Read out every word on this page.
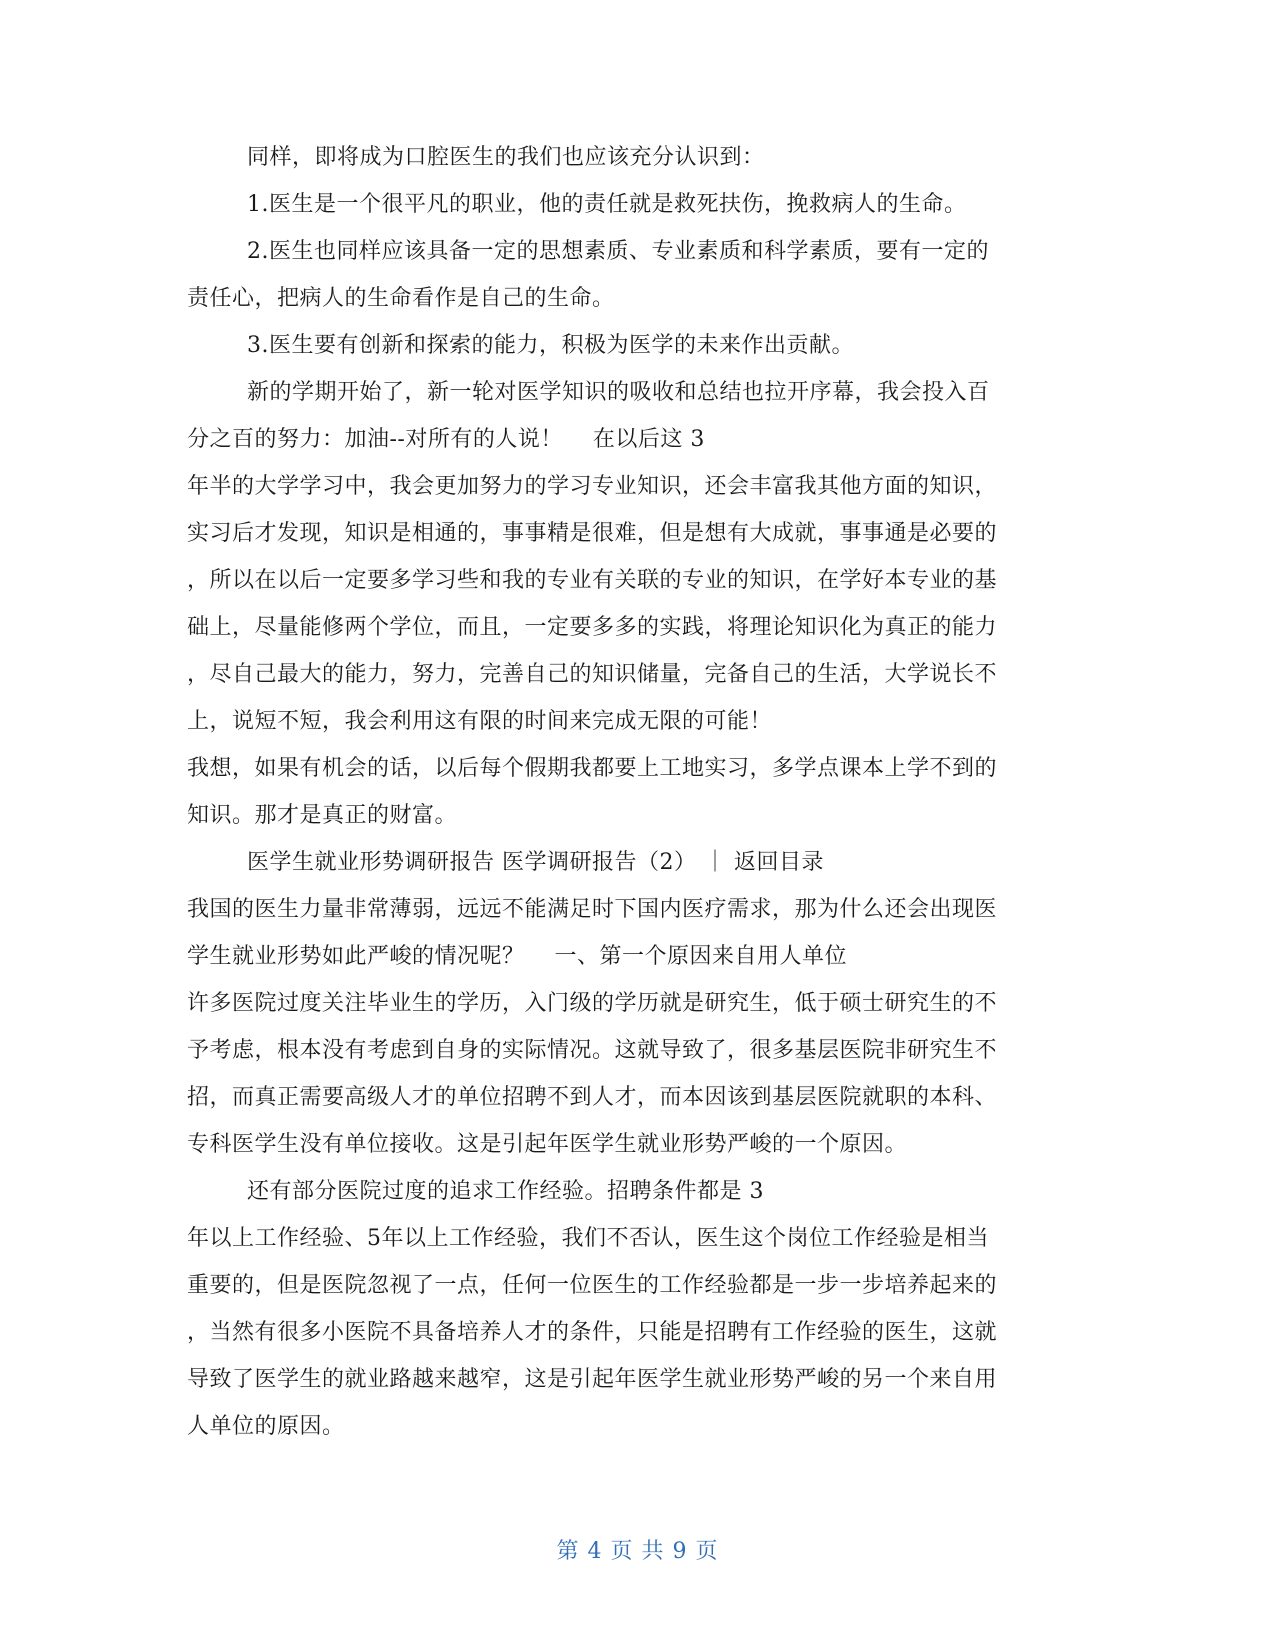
同样，即将成为口腔医生的我们也应该充分认识到：
1.医生是一个很平凡的职业，他的责任就是救死扶伤，挽救病人的生命。
2.医生也同样应该具备一定的思想素质、专业素质和科学素质，要有一定的
责任心，把病人的生命看作是自己的生命。
3.医生要有创新和探索的能力，积极为医学的未来作出贡献。
新的学期开始了，新一轮对医学知识的吸收和总结也拉开序幕，我会投入百
分之百的努力：加油--对所有的人说！　 在以后这 3
年半的大学学习中，我会更加努力的学习专业知识，还会丰富我其他方面的知识，
实习后才发现，知识是相通的，事事精是很难，但是想有大成就，事事通是必要的
，所以在以后一定要多学习些和我的专业有关联的专业的知识，在学好本专业的基
础上，尽量能修两个学位，而且，一定要多多的实践，将理论知识化为真正的能力
，尽自己最大的能力，努力，完善自己的知识储量，完备自己的生活，大学说长不
上，说短不短，我会利用这有限的时间来完成无限的可能！
我想，如果有机会的话，以后每个假期我都要上工地实习，多学点课本上学不到的
知识。那才是真正的财富。
医学生就业形势调研报告 医学调研报告（2） ｜ 返回目录
我国的医生力量非常薄弱，远远不能满足时下国内医疗需求，那为什么还会出现医
学生就业形势如此严峻的情况呢？　 一、第一个原因来自用人单位
许多医院过度关注毕业生的学历，入门级的学历就是研究生，低于硕士研究生的不
予考虑，根本没有考虑到自身的实际情况。这就导致了，很多基层医院非研究生不
招，而真正需要高级人才的单位招聘不到人才，而本因该到基层医院就职的本科、
专科医学生没有单位接收。这是引起年医学生就业形势严峻的一个原因。
还有部分医院过度的追求工作经验。招聘条件都是 3
年以上工作经验、5年以上工作经验，我们不否认，医生这个岗位工作经验是相当
重要的，但是医院忽视了一点，任何一位医生的工作经验都是一步一步培养起来的
，当然有很多小医院不具备培养人才的条件，只能是招聘有工作经验的医生，这就
导致了医学生的就业路越来越窄，这是引起年医学生就业形势严峻的另一个来自用
人单位的原因。
第 4 页 共 9 页
